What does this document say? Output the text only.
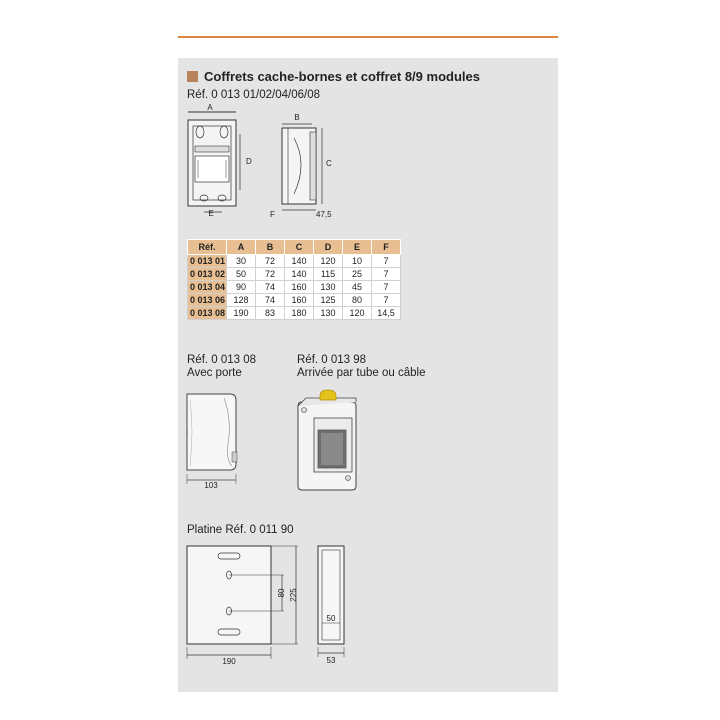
Coffrets cache-bornes et coffret 8/9 modules
Réf. 0 013 01/02/04/06/08
A
D
E
B
C
F	47,5
Réf.	A	B	C	D	E	F
0 013 01	30	72	140	120	10	7
0 013 02	50	72	140	115	25	7
0 013 04	90	74	160	130	45	7
0 013 06	128	74	160	125	80	7
0 013 08	190	83	180	130	120	14,5
Réf. 0 013 08
Avec porte
103
Réf. 0 013 98
Arrivée par tube ou câble
Platine Réf. 0 011 90
190
80 225
50
53
